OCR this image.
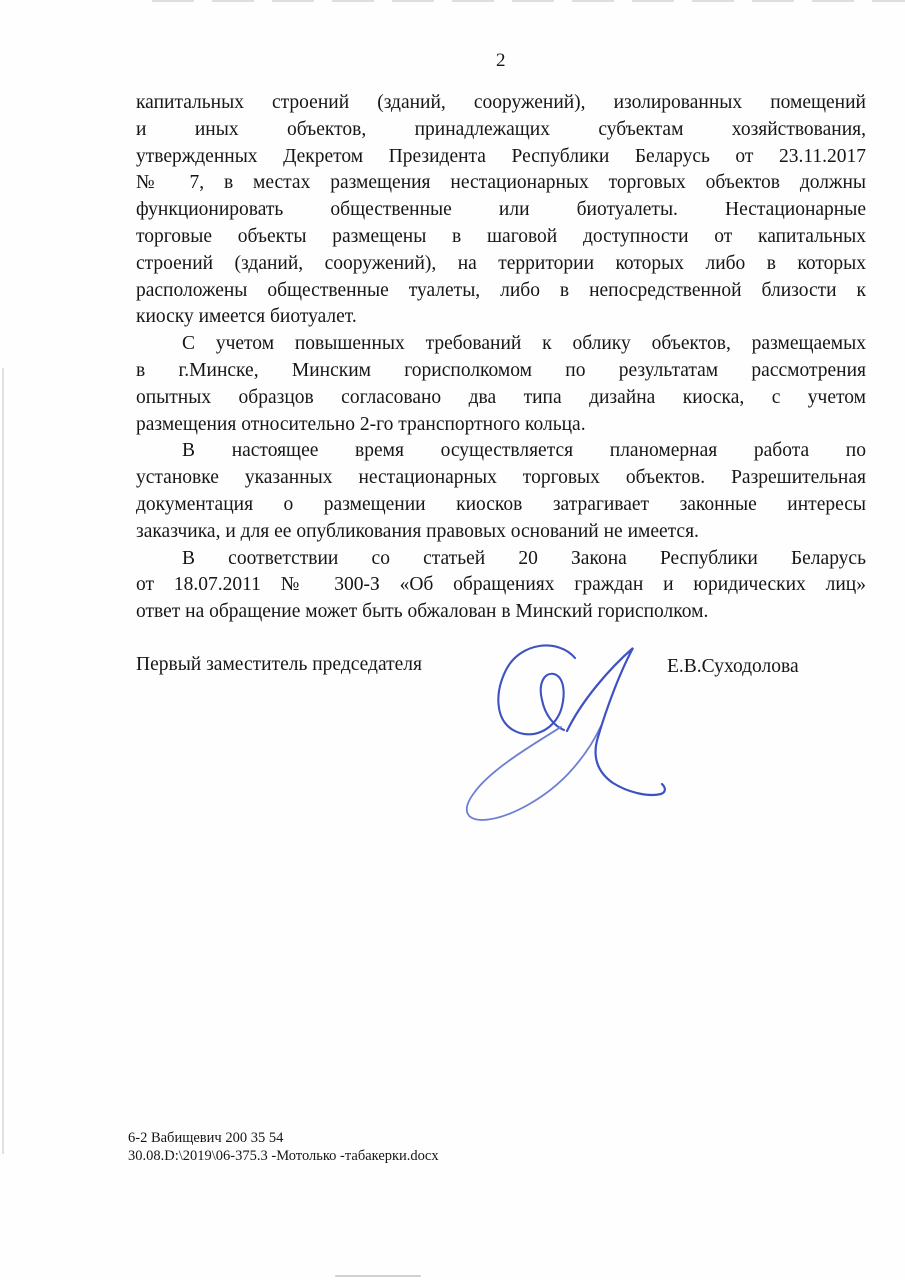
2
капитальных строений (зданий, сооружений), изолированных помещений
и иных объектов, принадлежащих субъектам хозяйствования,
утвержденных Декретом Президента Республики Беларусь от 23.11.2017
№ 7, в местах размещения нестационарных торговых объектов должны
функционировать общественные или биотуалеты. Нестационарные
торговые объекты размещены в шаговой доступности от капитальных
строений (зданий, сооружений), на территории которых либо в которых
расположены общественные туалеты, либо в непосредственной близости к
киоску имеется биотуалет.
С учетом повышенных требований к облику объектов, размещаемых
в г.Минске, Минским горисполкомом по результатам рассмотрения
опытных образцов согласовано два типа дизайна киоска, с учетом
размещения относительно 2-го транспортного кольца.
В настоящее время осуществляется планомерная работа по
установке указанных нестационарных торговых объектов. Разрешительная
документация о размещении киосков затрагивает законные интересы
заказчика, и для ее опубликования правовых оснований не имеется.
В соответствии со статьей 20 Закона Республики Беларусь
от 18.07.2011 № 300-З «Об обращениях граждан и юридических лиц»
ответ на обращение может быть обжалован в Минский горисполком.
Первый заместитель председателя	Е.В.Суходолова
6-2 Вабищевич 200 35 54
30.08.D:\2019\06-375.3 -Мотолько -табакерки.docx
